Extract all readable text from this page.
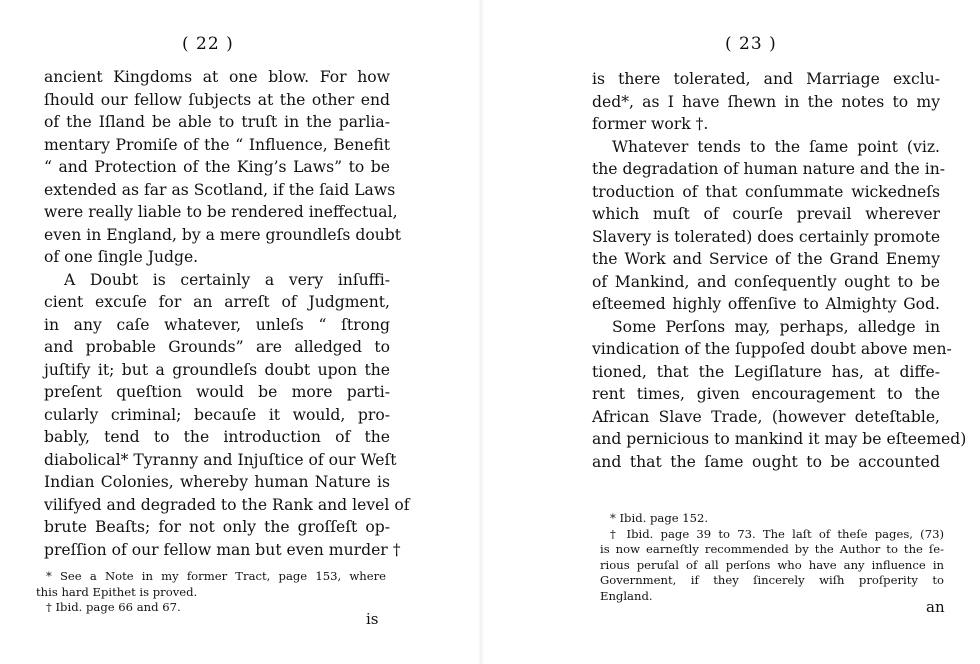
( 22 )
ancient Kingdoms at one blow. For how
ſhould our fellow ſubjects at the other end
of the Iſland be able to truſt in the parlia-
mentary Promiſe of the “ Influence, Benefit
“ and Protection of the King’s Laws” to be
extended as far as Scotland, if the ſaid Laws
were really liable to be rendered ineffectual,
even in England, by a mere groundleſs doubt
of one ſingle Judge.
A Doubt is certainly a very inſuffi-
cient excuſe for an arreſt of Judgment,
in any caſe whatever, unleſs “ ſtrong
and probable Grounds” are alledged to
juſtify it; but a groundleſs doubt upon the
preſent queſtion would be more parti-
cularly criminal; becauſe it would, pro-
bably, tend to the introduction of the
diabolical* Tyranny and Injuſtice of our Weſt
Indian Colonies, whereby human Nature is
vilifyed and degraded to the Rank and level of
brute Beaſts; for not only the groſſeſt op-
preſſion of our fellow man but even murder †
* See a Note in my former Tract, page 153, where
this hard Epithet is proved.
† Ibid. page 66 and 67.
is
( 23 )
is there tolerated, and Marriage exclu-
ded*, as I have ſhewn in the notes to my
former work †.
Whatever tends to the ſame point (viz.
the degradation of human nature and the in-
troduction of that conſummate wickedneſs
which muſt of courſe prevail wherever
Slavery is tolerated) does certainly promote
the Work and Service of the Grand Enemy
of Mankind, and conſequently ought to be
eſteemed highly offenſive to Almighty God.
Some Perſons may, perhaps, alledge in
vindication of the ſuppoſed doubt above men-
tioned, that the Legiſlature has, at diffe-
rent times, given encouragement to the
African Slave Trade, (however deteſtable,
and pernicious to mankind it may be eſteemed)
and that the ſame ought to be accounted
* Ibid. page 152.
† Ibid. page 39 to 73. The laſt of theſe pages, (73)
is now earneſtly recommended by the Author to the ſe-
rious peruſal of all perſons who have any influence in
Government, if they ſincerely wiſh proſperity to
England.
an
